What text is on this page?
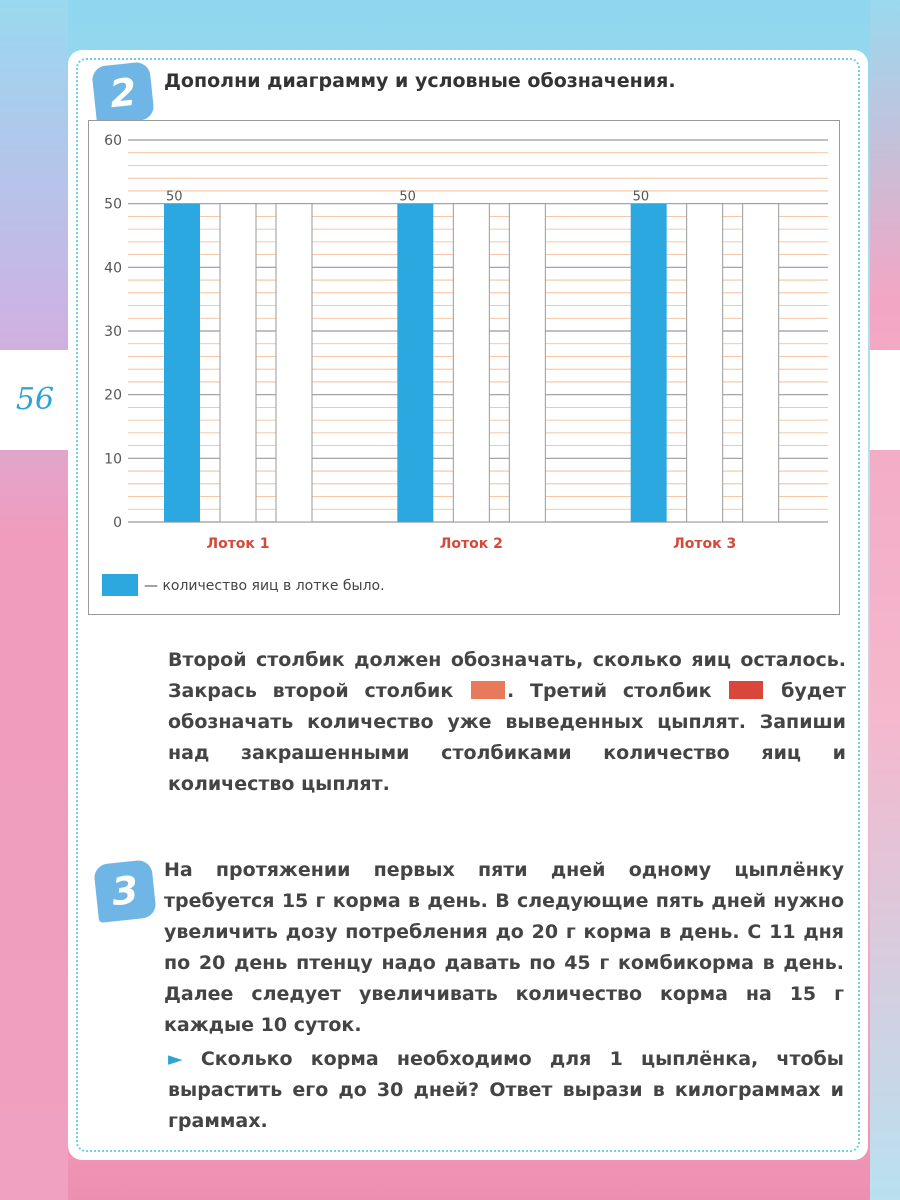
56
2	Дополни диаграмму и условные обозначения.
0
10
20
30
40
50
60
50
Лоток 1
50
Лоток 2
50
Лоток 3
— количество яиц в лотке было.
Второй столбик должен обозначать, сколько яиц осталось. Закрась второй столбик . Третий столбик  будет обозначать количество уже выведенных цыплят. Запиши над закрашенными столбиками количество яиц и количество цыплят.
3	На протяжении первых пяти дней одному цыплёнку требуется 15 г корма в день. В следующие пять дней нужно увеличить дозу потребления до 20 г корма в день. С 11 дня по 20 день птенцу надо давать по 45 г комбикорма в день. Далее следует увеличивать количество корма на 15 г каждые 10 суток.
► Сколько корма необходимо для 1 цыплёнка, чтобы вырастить его до 30 дней? Ответ вырази в килограммах и граммах.
